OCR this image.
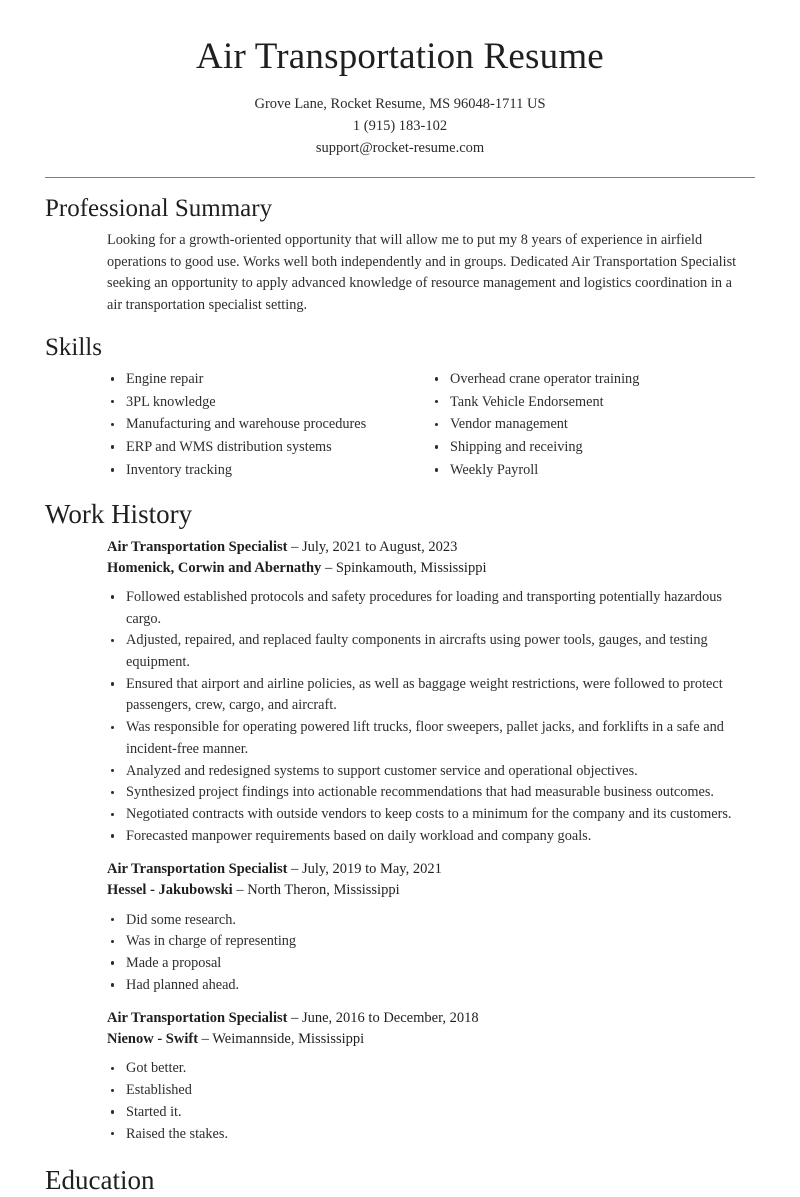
Air Transportation Resume
Grove Lane, Rocket Resume, MS 96048-1711 US
1 (915) 183-102
support@rocket-resume.com
Professional Summary

Looking for a growth-oriented opportunity that will allow me to put my 8 years of experience in airfield operations to good use. Works well both independently and in groups. Dedicated Air Transportation Specialist seeking an opportunity to apply advanced knowledge of resource management and logistics coordination in a air transportation specialist setting.

Skills
Engine repair
3PL knowledge
Manufacturing and warehouse procedures
ERP and WMS distribution systems
Inventory tracking
Overhead crane operator training
Tank Vehicle Endorsement
Vendor management
Shipping and receiving
Weekly Payroll
Work History
Air Transportation Specialist – July, 2021 to August, 2023
Homenick, Corwin and Abernathy – Spinkamouth, Mississippi
Followed established protocols and safety procedures for loading and transporting potentially hazardous cargo.
Adjusted, repaired, and replaced faulty components in aircrafts using power tools, gauges, and testing equipment.
Ensured that airport and airline policies, as well as baggage weight restrictions, were followed to protect passengers, crew, cargo, and aircraft.
Was responsible for operating powered lift trucks, floor sweepers, pallet jacks, and forklifts in a safe and incident-free manner.
Analyzed and redesigned systems to support customer service and operational objectives.
Synthesized project findings into actionable recommendations that had measurable business outcomes.
Negotiated contracts with outside vendors to keep costs to a minimum for the company and its customers.
Forecasted manpower requirements based on daily workload and company goals.
Air Transportation Specialist – July, 2019 to May, 2021
Hessel - Jakubowski – North Theron, Mississippi
Did some research.
Was in charge of representing
Made a proposal
Had planned ahead.
Air Transportation Specialist – June, 2016 to December, 2018
Nienow - Swift – Weimannside, Mississippi
Got better.
Established
Started it.
Raised the stakes.
Education
